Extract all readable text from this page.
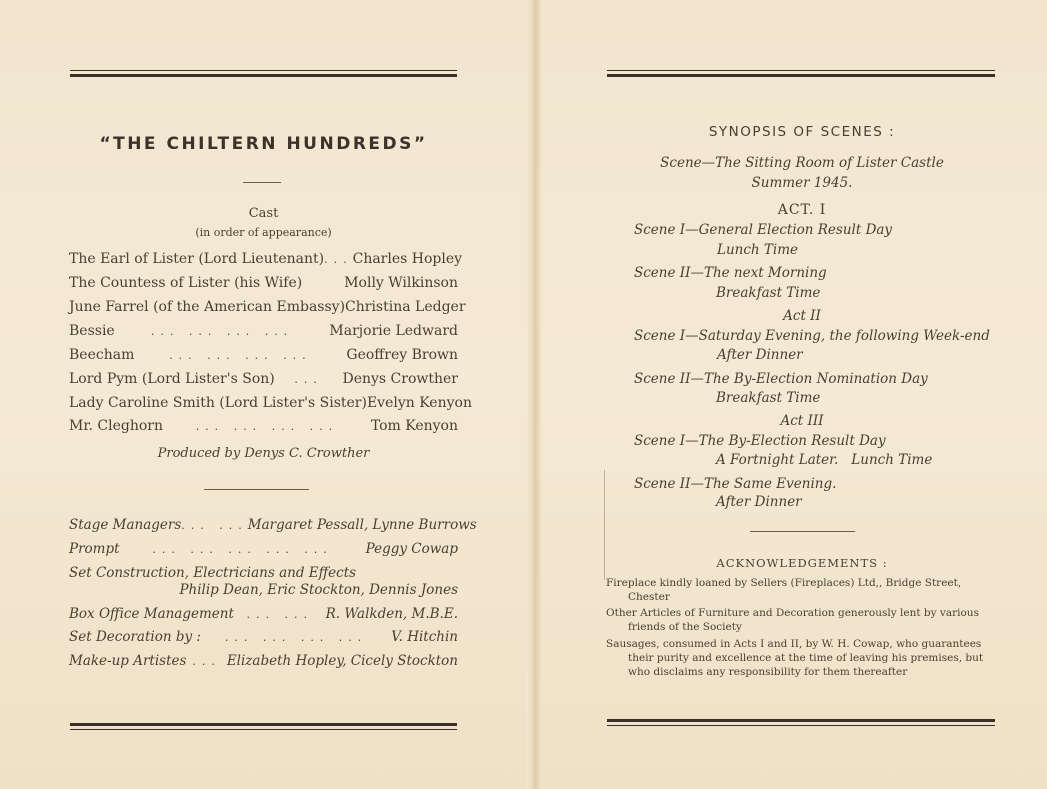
“THE CHILTERN HUNDREDS”
Cast
(in order of appearance)
The Earl of Lister (Lord Lieutenant) ... Charles Hopley
The Countess of Lister (his Wife)	Molly Wilkinson
June Farrel (of the American Embassy) Christina Ledger
Bessie	... ... ... ...	Marjorie Ledward
Beecham	... ... ... ...	Geoffrey Brown
Lord Pym (Lord Lister's Son)	...	Denys Crowther
Lady Caroline Smith (Lord Lister's Sister) Evelyn Kenyon
Mr. Cleghorn	... ... ... ...	Tom Kenyon
Produced by Denys C. Crowther
Stage Managers ... ... Margaret Pessall, Lynne Burrows
Prompt	... ... ... ... ...	Peggy Cowap
Set Construction, Electricians and Effects
Philip Dean, Eric Stockton, Dennis Jones
Box Office Management	... ... R. Walkden, M.B.E.
Set Decoration by :	... ... ... ...	V. Hitchin
Make-up Artistes ... Elizabeth Hopley, Cicely Stockton
SYNOPSIS OF SCENES :
Scene—The Sitting Room of Lister Castle
Summer 1945.
ACT. I
Scene I—General Election Result Day
Lunch Time
Scene II—The next Morning
Breakfast Time
Act II
Scene I—Saturday Evening, the following Week-end
After Dinner
Scene II—The By-Election Nomination Day
Breakfast Time
Act III
Scene I—The By-Election Result Day
A Fortnight Later.   Lunch Time
Scene II—The Same Evening.
After Dinner
ACKNOWLEDGEMENTS :
Fireplace kindly loaned by Sellers (Fireplaces) Ltd,, Bridge Street,
Chester
Other Articles of Furniture and Decoration generously lent by various
friends of the Society
Sausages, consumed in Acts I and II, by W. H. Cowap, who guarantees
their purity and excellence at the time of leaving his premises, but who disclaims any responsibility for them thereafter
